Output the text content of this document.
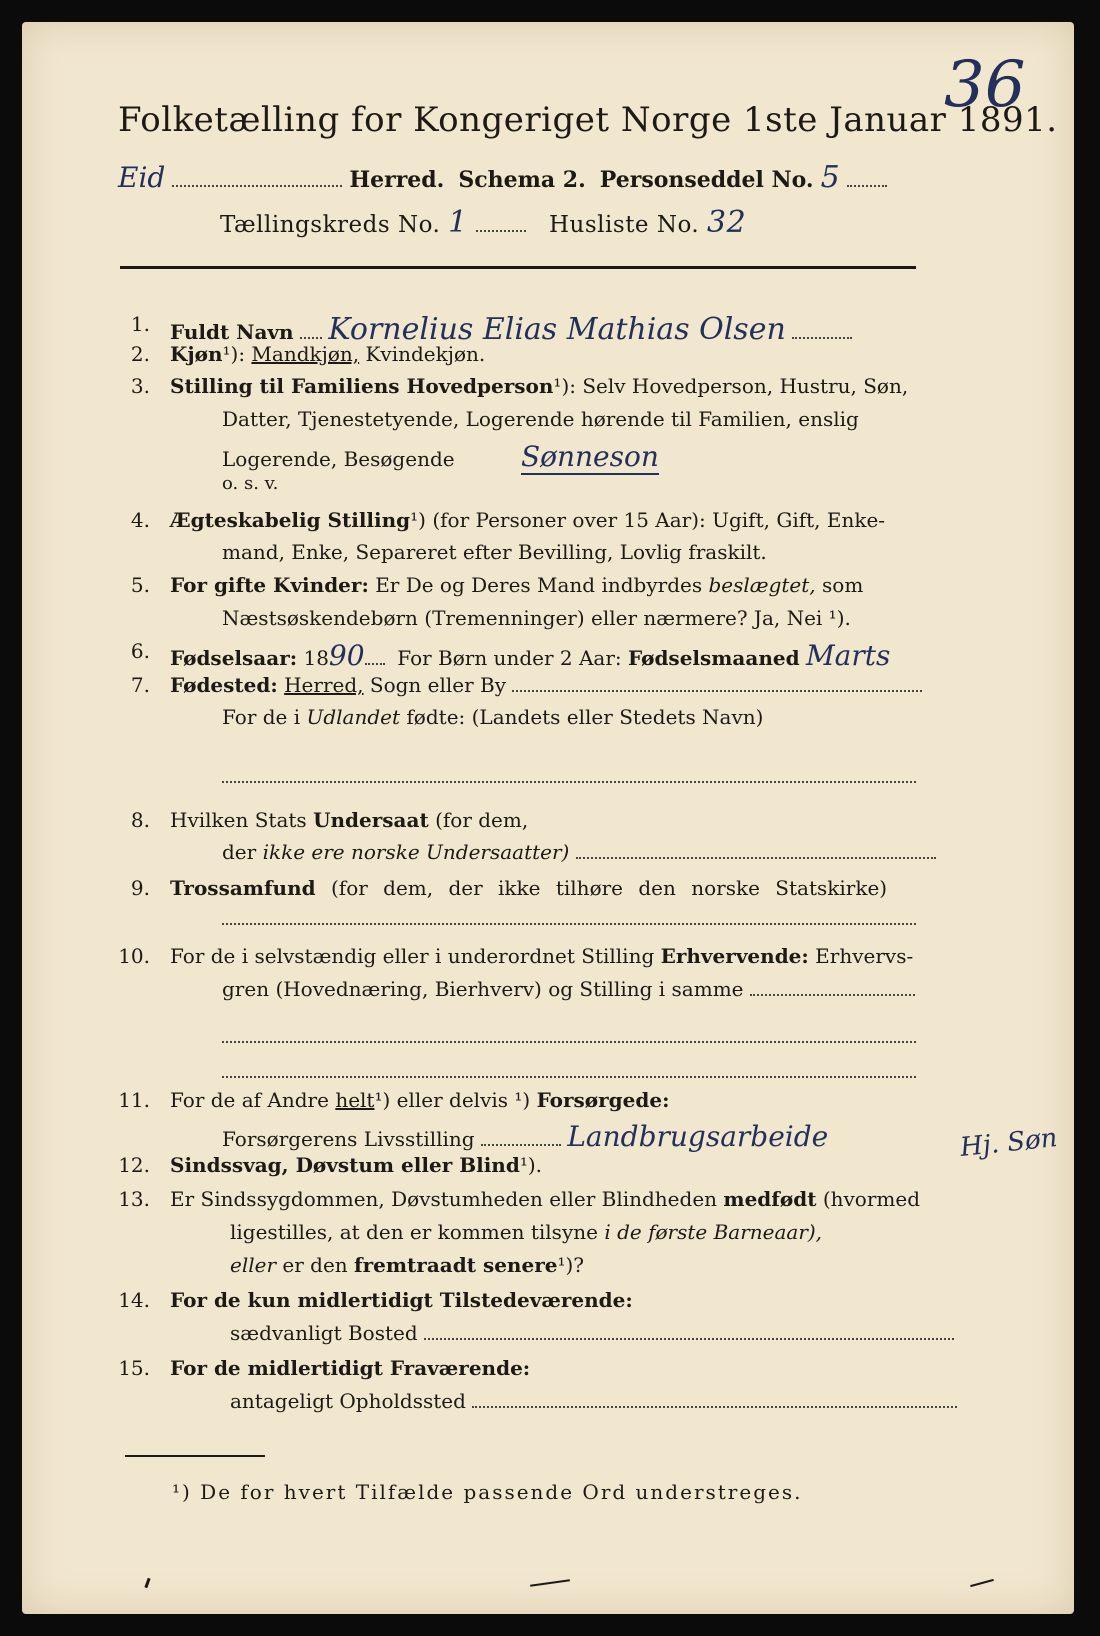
Folketælling for Kongeriget Norge 1ste Januar 1891.
36
Eid	Herred. Schema 2. Personseddel No. 5
Tællingskreds No. 1	Husliste No. 32
1. Fuldt Navn Kornelius Elias Mathias Olsen
2. Kjøn¹): Mandkjøn, Kvindekjøn.
3. Stilling til Familiens Hovedperson¹): Selv Hovedperson, Hustru, Søn,
Datter, Tjenestetyende, Logerende hørende til Familien, enslig
Logerende, Besøgende Sønneson
o. s. v.
4. Ægteskabelig Stilling¹) (for Personer over 15 Aar): Ugift, Gift, Enke-
mand, Enke, Separeret efter Bevilling, Lovlig fraskilt.
5. For gifte Kvinder: Er De og Deres Mand indbyrdes beslægtet, som
Næstsøskendebørn (Tremenninger) eller nærmere? Ja, Nei ¹).
6. Fødselsaar: 1890 For Børn under 2 Aar: Fødselsmaaned Marts
7. Fødested: Herred, Sogn eller By
For de i Udlandet fødte: (Landets eller Stedets Navn)
8. Hvilken Stats Undersaat (for dem,
der ikke ere norske Undersaatter)
9. Trossamfund (for dem, der ikke tilhøre den norske Statskirke)
10. For de i selvstændig eller i underordnet Stilling Erhvervende: Erhvervs-
gren (Hovednæring, Bierhverv) og Stilling i samme
11. For de af Andre helt¹) eller delvis ¹) Forsørgede:
Forsørgerens Livsstilling	Landbrugsarbeide	Hj. Søn
12. Sindssvag, Døvstum eller Blind¹).
13. Er Sindssygdommen, Døvstumheden eller Blindheden medfødt (hvormed
ligestilles, at den er kommen tilsyne i de første Barneaar),
eller er den fremtraadt senere¹)?
14. For de kun midlertidigt Tilstedeværende:
sædvanligt Bosted
15. For de midlertidigt Fraværende:
antageligt Opholdssted
¹) De for hvert Tilfælde passende Ord understreges.
